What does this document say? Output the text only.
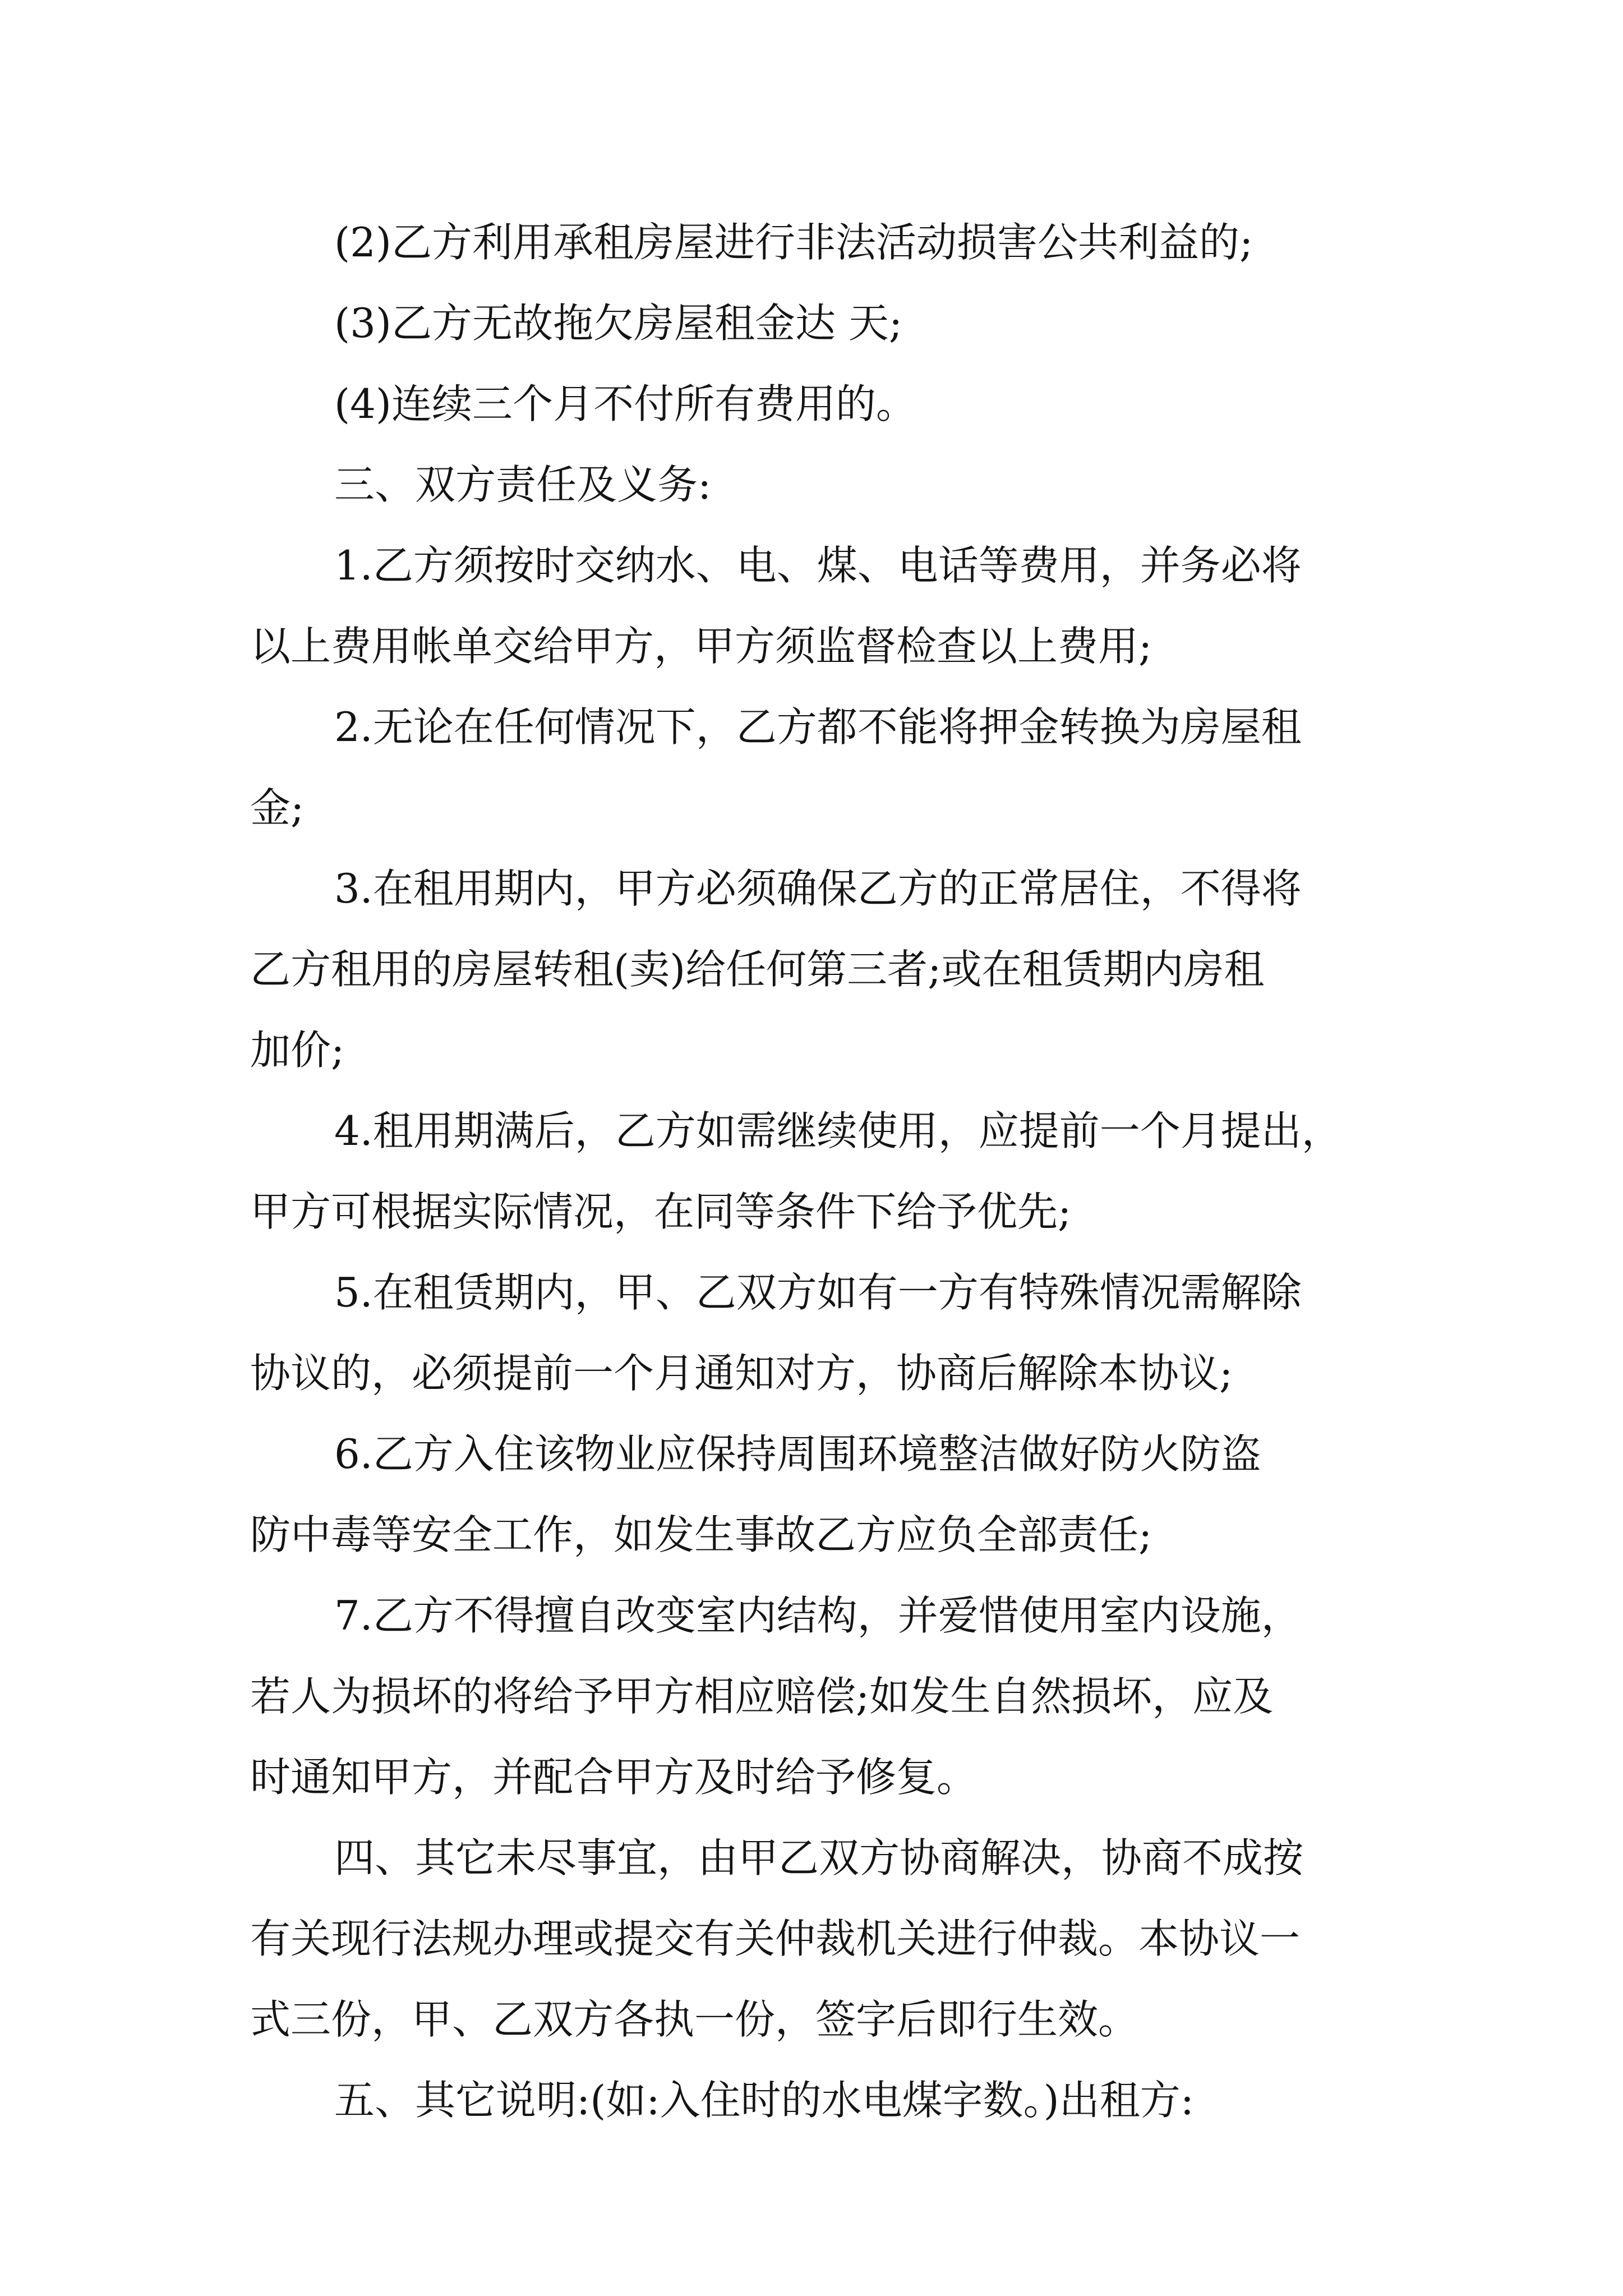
(2)乙方利用承租房屋进行非法活动损害公共利益的;

(3)乙方无故拖欠房屋租金达 天;

(4)连续三个月不付所有费用的。

三、双方责任及义务:

1.乙方须按时交纳水、电、煤、电话等费用，并务必将

以上费用帐单交给甲方，甲方须监督检查以上费用;

2.无论在任何情况下，乙方都不能将押金转换为房屋租

金;

3.在租用期内，甲方必须确保乙方的正常居住，不得将

乙方租用的房屋转租(卖)给任何第三者;或在租赁期内房租

加价;

4.租用期满后，乙方如需继续使用，应提前一个月提出，

甲方可根据实际情况，在同等条件下给予优先;

5.在租赁期内，甲、乙双方如有一方有特殊情况需解除

协议的，必须提前一个月通知对方，协商后解除本协议;

6.乙方入住该物业应保持周围环境整洁做好防火防盗

防中毒等安全工作，如发生事故乙方应负全部责任;

7.乙方不得擅自改变室内结构，并爱惜使用室内设施，

若人为损坏的将给予甲方相应赔偿;如发生自然损坏，应及

时通知甲方，并配合甲方及时给予修复。

四、其它未尽事宜，由甲乙双方协商解决，协商不成按

有关现行法规办理或提交有关仲裁机关进行仲裁。本协议一

式三份，甲、乙双方各执一份，签字后即行生效。

五、其它说明:(如:入住时的水电煤字数。)出租方:
